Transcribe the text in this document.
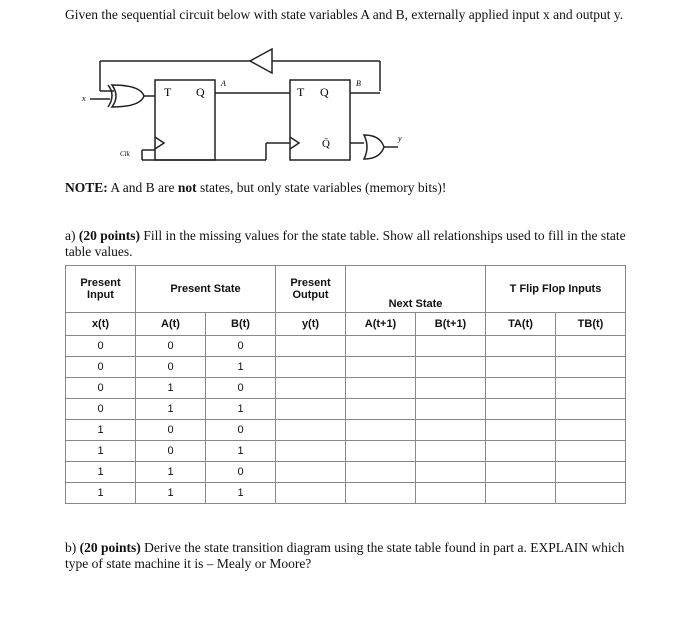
Given the sequential circuit below with state variables A and B, externally applied input x and output y.
T Q	T Q
Q̄
A	B
x
y
Clk
NOTE: A and B are not states, but only state variables (memory bits)!
a) (20 points) Fill in the missing values for the state table. Show all relationships used to fill in the state table values.
Present Input	Present State		Present Output	Next State		T Flip Flop Inputs	
x(t)	A(t)	B(t)	y(t)	A(t+1)	B(t+1)	TA(t)	TB(t)
0	0	0					
0	0	1					
0	1	0					
0	1	1					
1	0	0					
1	0	1					
1	1	0					
1	1	1					
b) (20 points) Derive the state transition diagram using the state table found in part a. EXPLAIN which type of state machine it is – Mealy or Moore?
